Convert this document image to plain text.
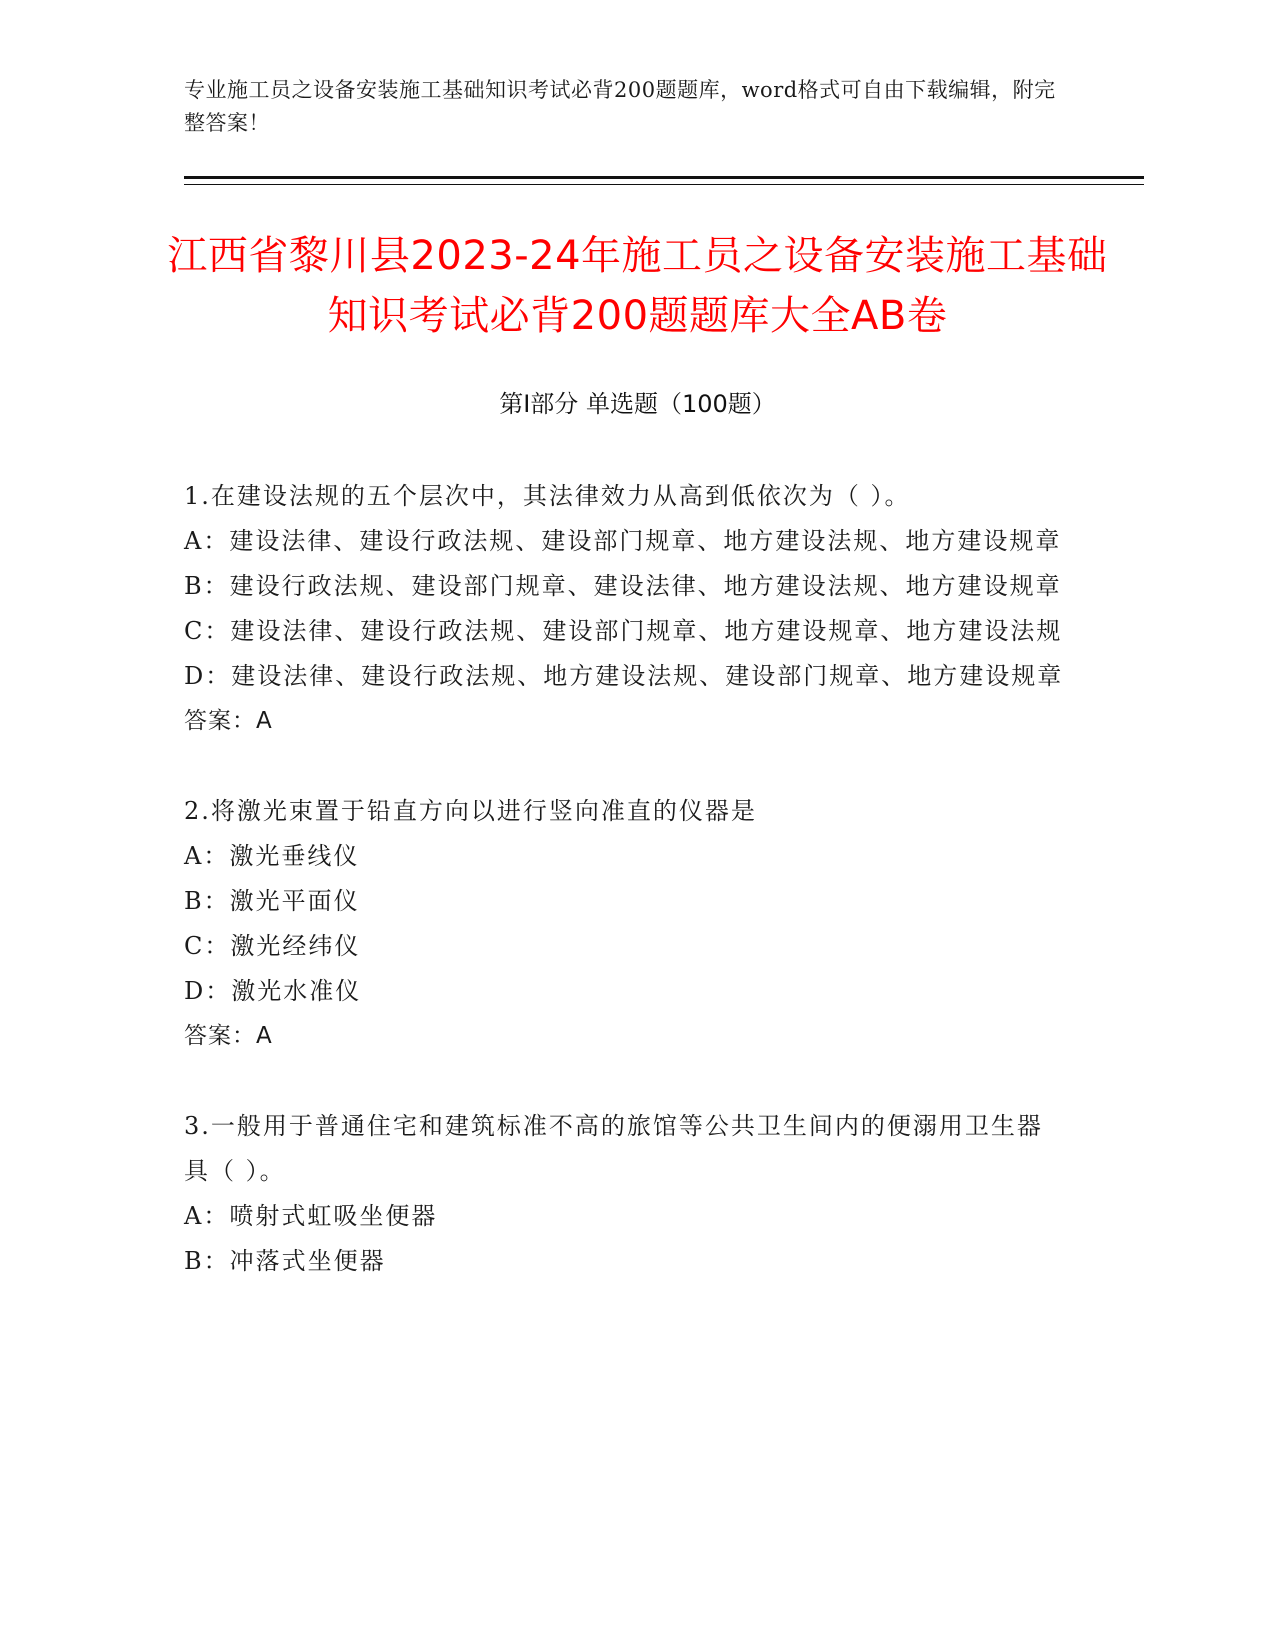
专业施工员之设备安装施工基础知识考试必背200题题库，word格式可自由下载编辑，附完整答案！
江西省黎川县2023-24年施工员之设备安装施工基础知识考试必背200题题库大全AB卷
第Ⅰ部分 单选题（100题）

1.在建设法规的五个层次中，其法律效力从高到低依次为（ ）。

A：建设法律、建设行政法规、建设部门规章、地方建设法规、地方建设规章

B：建设行政法规、建设部门规章、建设法律、地方建设法规、地方建设规章

C：建设法律、建设行政法规、建设部门规章、地方建设规章、地方建设法规

D：建设法律、建设行政法规、地方建设法规、建设部门规章、地方建设规章

答案：A

2.将激光束置于铅直方向以进行竖向准直的仪器是

A：激光垂线仪

B：激光平面仪

C：激光经纬仪

D：激光水准仪

答案：A

3.一般用于普通住宅和建筑标准不高的旅馆等公共卫生间内的便溺用卫生器具（ ）。

A：喷射式虹吸坐便器

B：冲落式坐便器
